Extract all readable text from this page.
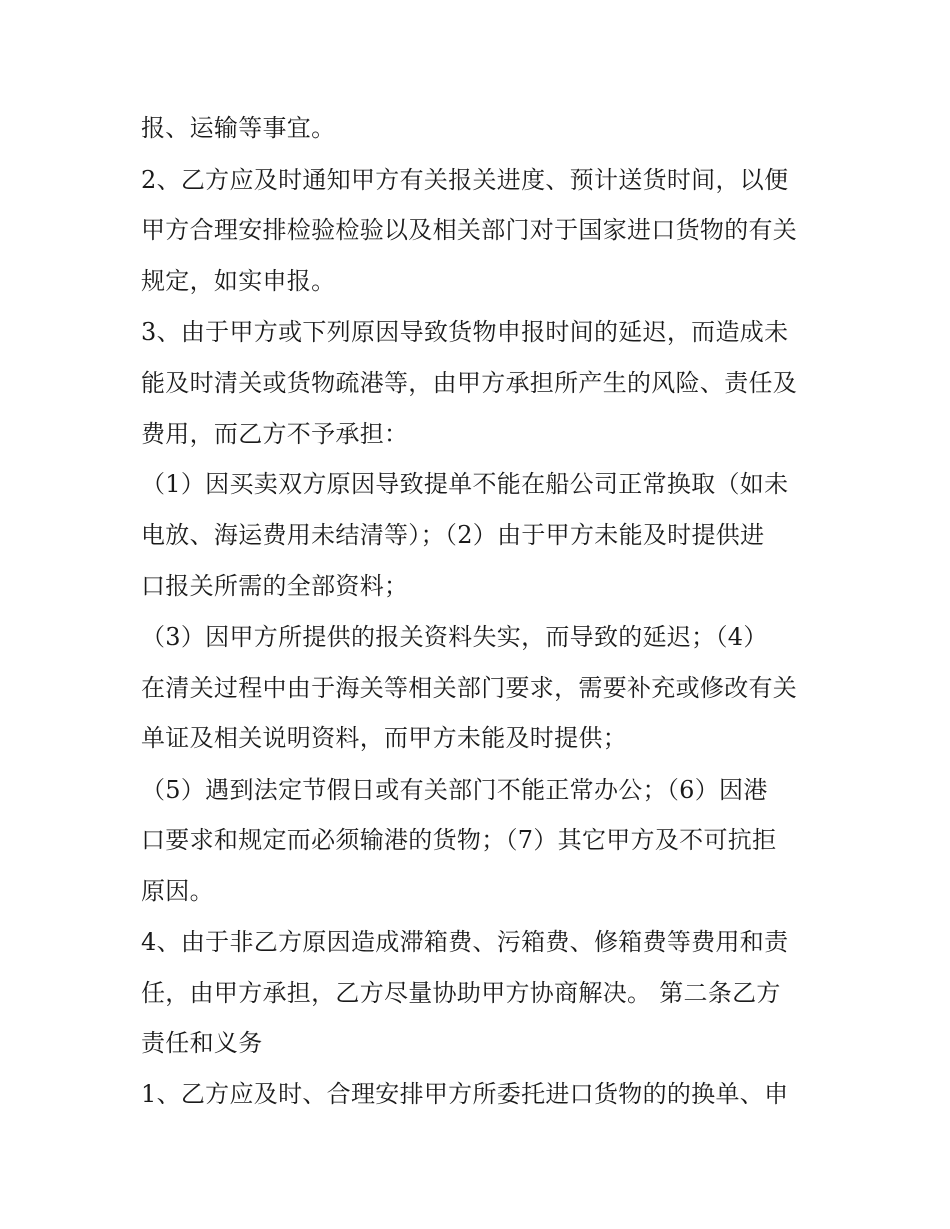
报、运输等事宜。

2、乙方应及时通知甲方有关报关进度、预计送货时间，以便

甲方合理安排检验检验以及相关部门对于国家进口货物的有关

规定，如实申报。

3、由于甲方或下列原因导致货物申报时间的延迟，而造成未

能及时清关或货物疏港等，由甲方承担所产生的风险、责任及

费用，而乙方不予承担：

（1）因买卖双方原因导致提单不能在船公司正常换取（如未

电放、海运费用未结清等）；（2）由于甲方未能及时提供进

口报关所需的全部资料；

（3）因甲方所提供的报关资料失实，而导致的延迟；（4）

在清关过程中由于海关等相关部门要求，需要补充或修改有关

单证及相关说明资料，而甲方未能及时提供；

（5）遇到法定节假日或有关部门不能正常办公；（6）因港

口要求和规定而必须输港的货物；（7）其它甲方及不可抗拒

原因。

4、由于非乙方原因造成滞箱费、污箱费、修箱费等费用和责

任，由甲方承担，乙方尽量协助甲方协商解决。 第二条乙方

责任和义务

1、乙方应及时、合理安排甲方所委托进口货物的的换单、申
